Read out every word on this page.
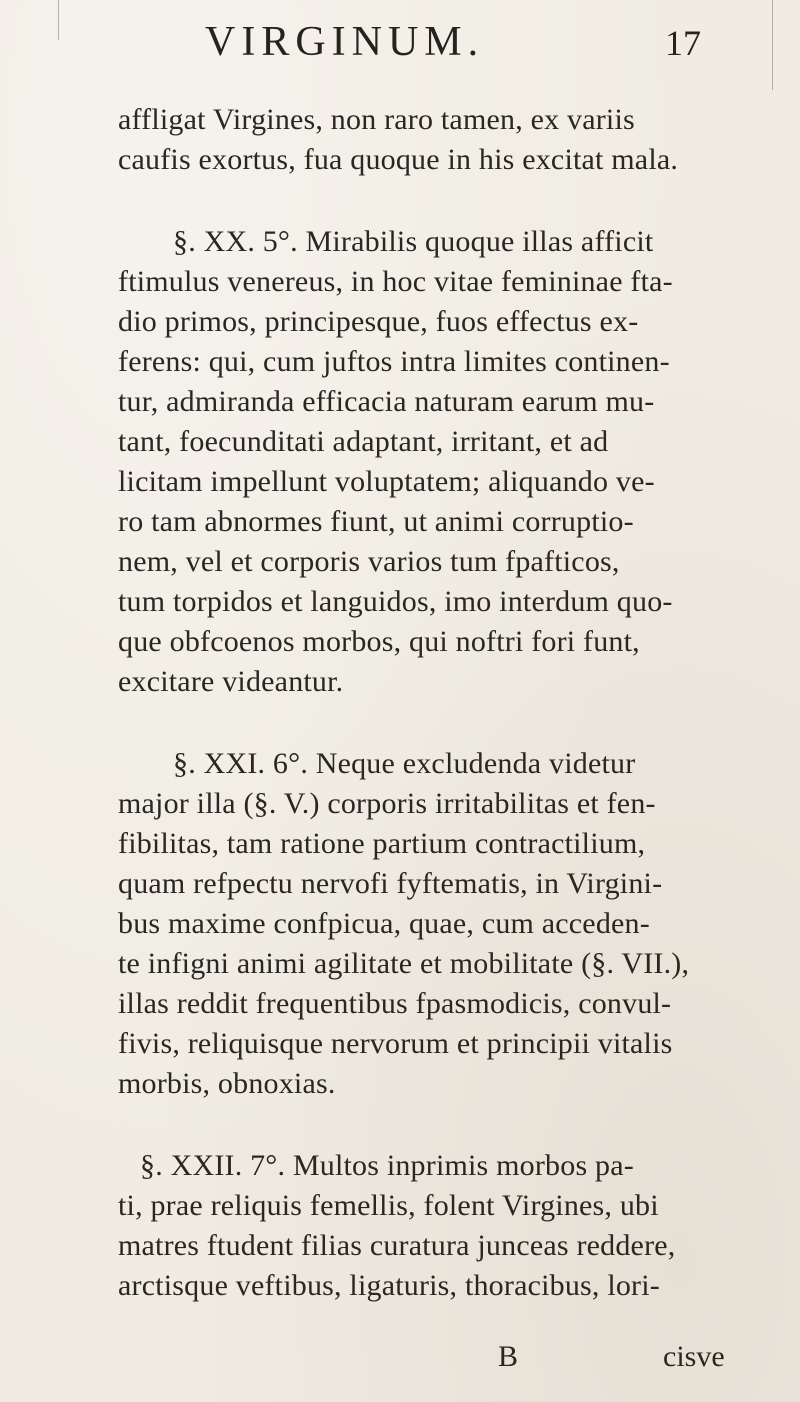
VIRGINUM.	17

affligat Virgines, non raro tamen, ex variis
caufis exortus, fua quoque in his excitat mala.

§. XX. 5°. Mirabilis quoque illas afficit
ftimulus venereus, in hoc vitae femininae fta-
dio primos, principesque, fuos effectus ex-
ferens: qui, cum juftos intra limites continen-
tur, admiranda efficacia naturam earum mu-
tant, foecunditati adaptant, irritant, et ad
licitam impellunt voluptatem; aliquando ve-
ro tam abnormes fiunt, ut animi corruptio-
nem, vel et corporis varios tum fpafticos,
tum torpidos et languidos, imo interdum quo-
que obfcoenos morbos, qui noftri fori funt,
excitare videantur.

§. XXI. 6°. Neque excludenda videtur
major illa (§. V.) corporis irritabilitas et fen-
fibilitas, tam ratione partium contractilium,
quam refpectu nervofi fyftematis, in Virgini-
bus maxime confpicua, quae, cum acceden-
te infigni animi agilitate et mobilitate (§. VII.),
illas reddit frequentibus fpasmodicis, convul-
fivis, reliquisque nervorum et principii vitalis
morbis, obnoxias.

§. XXII. 7°. Multos inprimis morbos pa-
ti, prae reliquis femellis, folent Virgines, ubi
matres ftudent filias curatura junceas reddere,
arctisque veftibus, ligaturis, thoracibus, lori-

B	cisve
